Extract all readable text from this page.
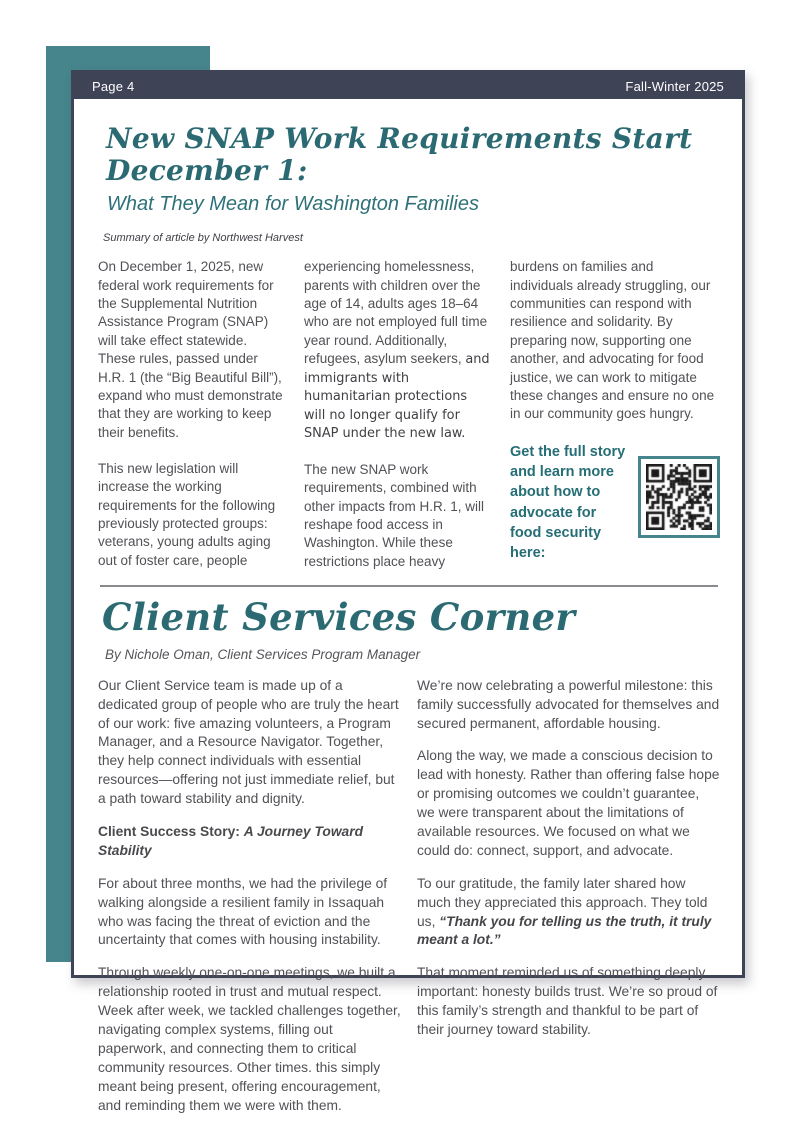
Page 4	Fall-Winter 2025
New SNAP Work Requirements Start December 1:
What They Mean for Washington Families
Summary of article by Northwest Harvest

On December 1, 2025, new federal work requirements for the Supplemental Nutrition Assistance Program (SNAP) will take effect statewide. These rules, passed under H.R. 1 (the “Big Beautiful Bill”), expand who must demonstrate that they are working to keep their benefits.

This new legislation will increase the working requirements for the following previously protected groups: veterans, young adults aging out of foster care, people

experiencing homelessness, parents with children over the age of 14, adults ages 18–64 who are not employed full time year round. Additionally, refugees, asylum seekers, and immigrants with humanitarian protections will no longer qualify for SNAP under the new law.

The new SNAP work requirements, combined with other impacts from H.R. 1, will reshape food access in Washington. While these restrictions place heavy

burdens on families and individuals already struggling, our communities can respond with resilience and solidarity. By preparing now, supporting one another, and advocating for food justice, we can work to mitigate these changes and ensure no one in our community goes hungry.

Get the full story and learn more about how to advocate for food security here:
Client Services Corner
By Nichole Oman, Client Services Program Manager

Our Client Service team is made up of a dedicated group of people who are truly the heart of our work: five amazing volunteers, a Program Manager, and a Resource Navigator. Together, they help connect individuals with essential resources—offering not just immediate relief, but a path toward stability and dignity.

Client Success Story: A Journey Toward Stability

For about three months, we had the privilege of walking alongside a resilient family in Issaquah who was facing the threat of eviction and the uncertainty that comes with housing instability.

Through weekly one-on-one meetings, we built a relationship rooted in trust and mutual respect. Week after week, we tackled challenges together, navigating complex systems, filling out paperwork, and connecting them to critical community resources. Other times. this simply meant being present, offering encouragement, and reminding them we were with them.

We’re now celebrating a powerful milestone: this family successfully advocated for themselves and secured permanent, affordable housing.

Along the way, we made a conscious decision to lead with honesty. Rather than offering false hope or promising outcomes we couldn’t guarantee, we were transparent about the limitations of available resources. We focused on what we could do: connect, support, and advocate.

To our gratitude, the family later shared how much they appreciated this approach. They told us, “Thank you for telling us the truth, it truly meant a lot.”

That moment reminded us of something deeply important: honesty builds trust. We’re so proud of this family’s strength and thankful to be part of their journey toward stability.
